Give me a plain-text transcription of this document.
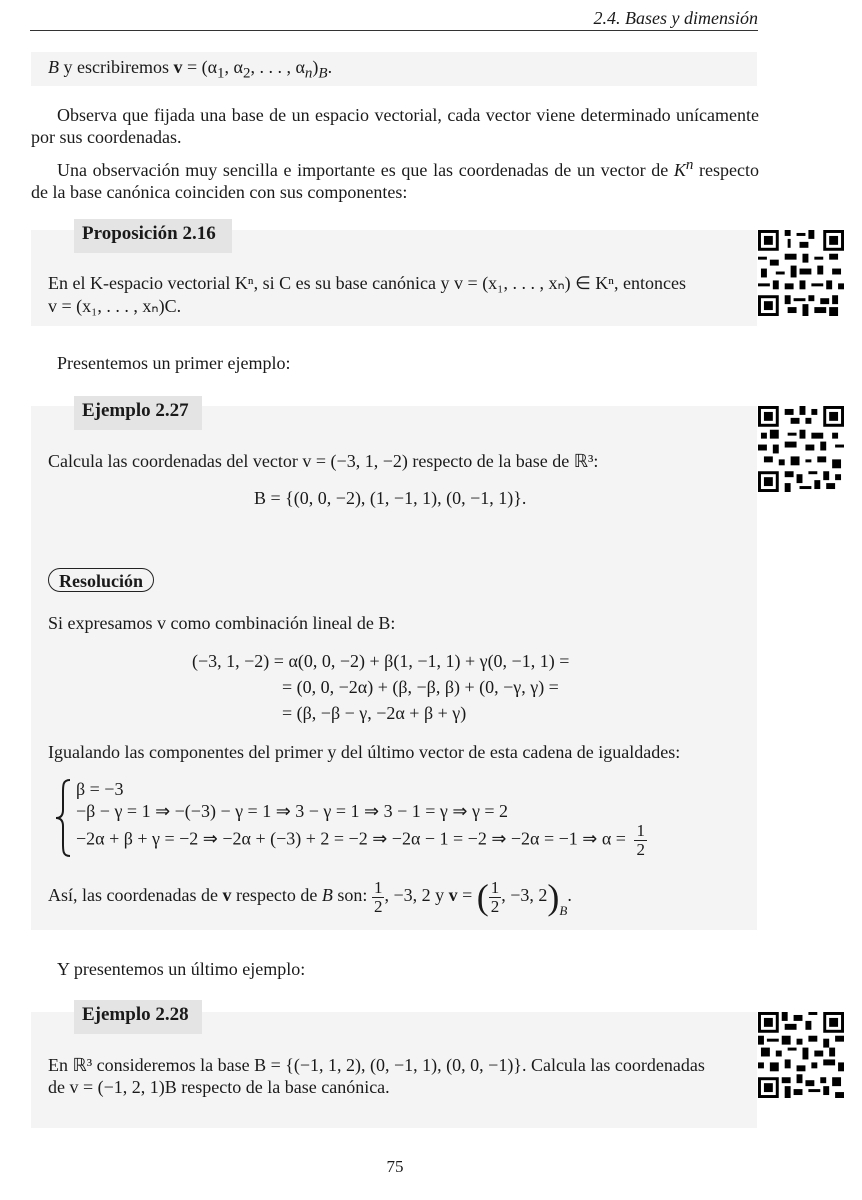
2.4. Bases y dimensión
B y escribiremos $v = (\alpha_1$, $\alpha_2$, . . . , $\alpha_n)_B$.
Observa que fijada una base de un espacio vectorial, cada vector viene determinado unícamente por sus coordenadas.
Una observación muy sencilla e importante es que las coordenadas de un vector de $K^n$ respecto de la base canónica coinciden con sus componentes:
Proposición 2.16
En el K-espacio vectorial Kⁿ, si C es su base canónica y v = (x₁, . . . , xₙ) ∈ Kⁿ, entonces
v = (x₁, . . . , xₙ)C.
Presentemos un primer ejemplo:
Ejemplo 2.27
Calcula las coordenadas del vector v = (−3, 1, −2) respecto de la base de ℝ³:
B = {(0, 0, −2), (1, −1, 1), (0, −1, 1)}.
Resolución
Si expresamos v como combinación lineal de B:
(−3, 1, −2) = α(0, 0, −2) + β(1, −1, 1) + γ(0, −1, 1) =
= (0, 0, −2α) + (β, −β, β) + (0, −γ, γ) =
= (β, −β − γ, −2α + β + γ)
Igualando las componentes del primer y del último vector de esta cadena de igualdades:
β = −3
−β − γ = 1 ⇒ −(−3) − γ = 1 ⇒ 3 − γ = 1 ⇒ 3 − 1 = γ ⇒ γ = 2
−2α + β + γ = −2 ⇒ −2α + (−3) + 2 = −2 ⇒ −2α − 1 = −2 ⇒ −2α = −1 ⇒ $\alpha = \frac{1}{2}$
Así, las coordenadas de v respecto de B son: $\frac{1}{2}$ , −3, 2 y v = ( $\frac{1}{2}$ , −3, $2)_B$.
Y presentemos un último ejemplo:
Ejemplo 2.28
En ℝ³ consideremos la base B = {(−1, 1, 2), (0, −1, 1), (0, 0, −1)}. Calcula las coordenadas
de v = (−1, 2, 1)B respecto de la base canónica.
75
